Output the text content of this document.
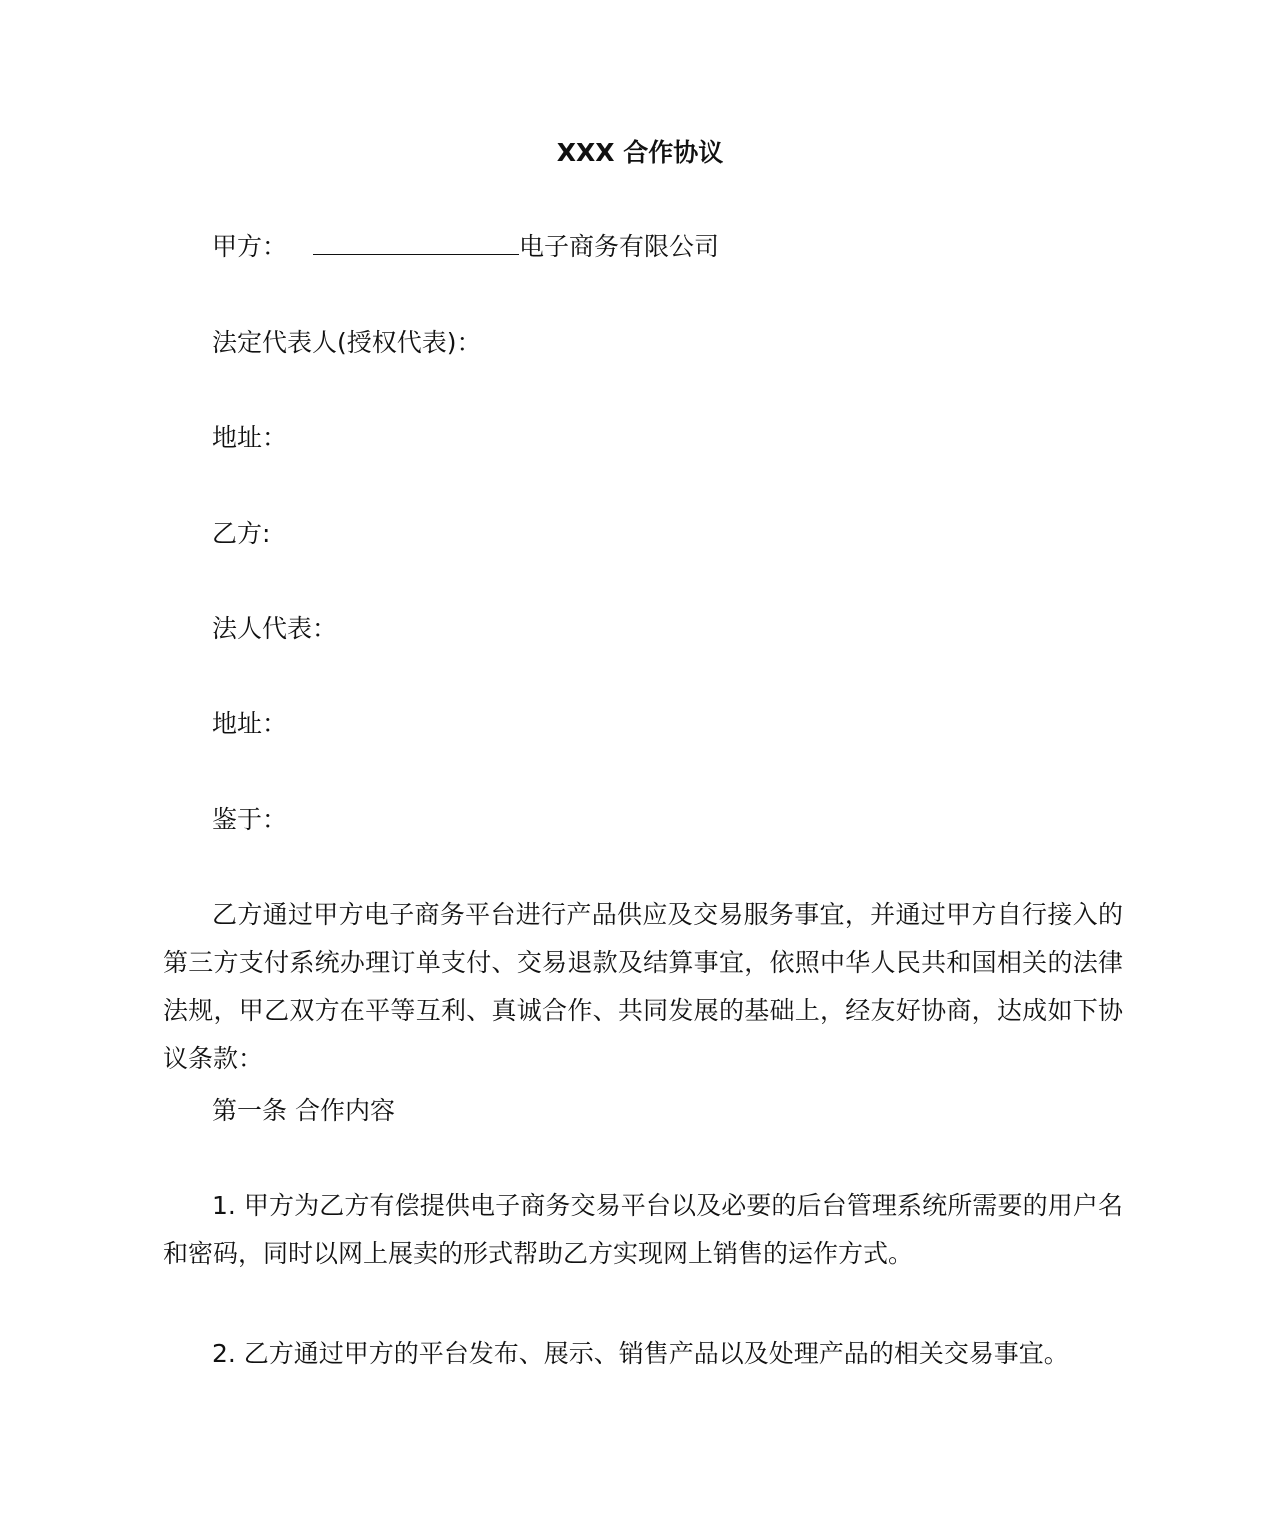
XXX 合作协议
甲方：	电子商务有限公司
法定代表人(授权代表)：
地址：
乙方:
法人代表：
地址：
鉴于：
乙方通过甲方电子商务平台进行产品供应及交易服务事宜，并通过甲方自行接入的第三方支付系统办理订单支付、交易退款及结算事宜，依照中华人民共和国相关的法律法规，甲乙双方在平等互利、真诚合作、共同发展的基础上，经友好协商，达成如下协议条款：
第一条 合作内容
1. 甲方为乙方有偿提供电子商务交易平台以及必要的后台管理系统所需要的用户名和密码，同时以网上展卖的形式帮助乙方实现网上销售的运作方式。
2. 乙方通过甲方的平台发布、展示、销售产品以及处理产品的相关交易事宜。
